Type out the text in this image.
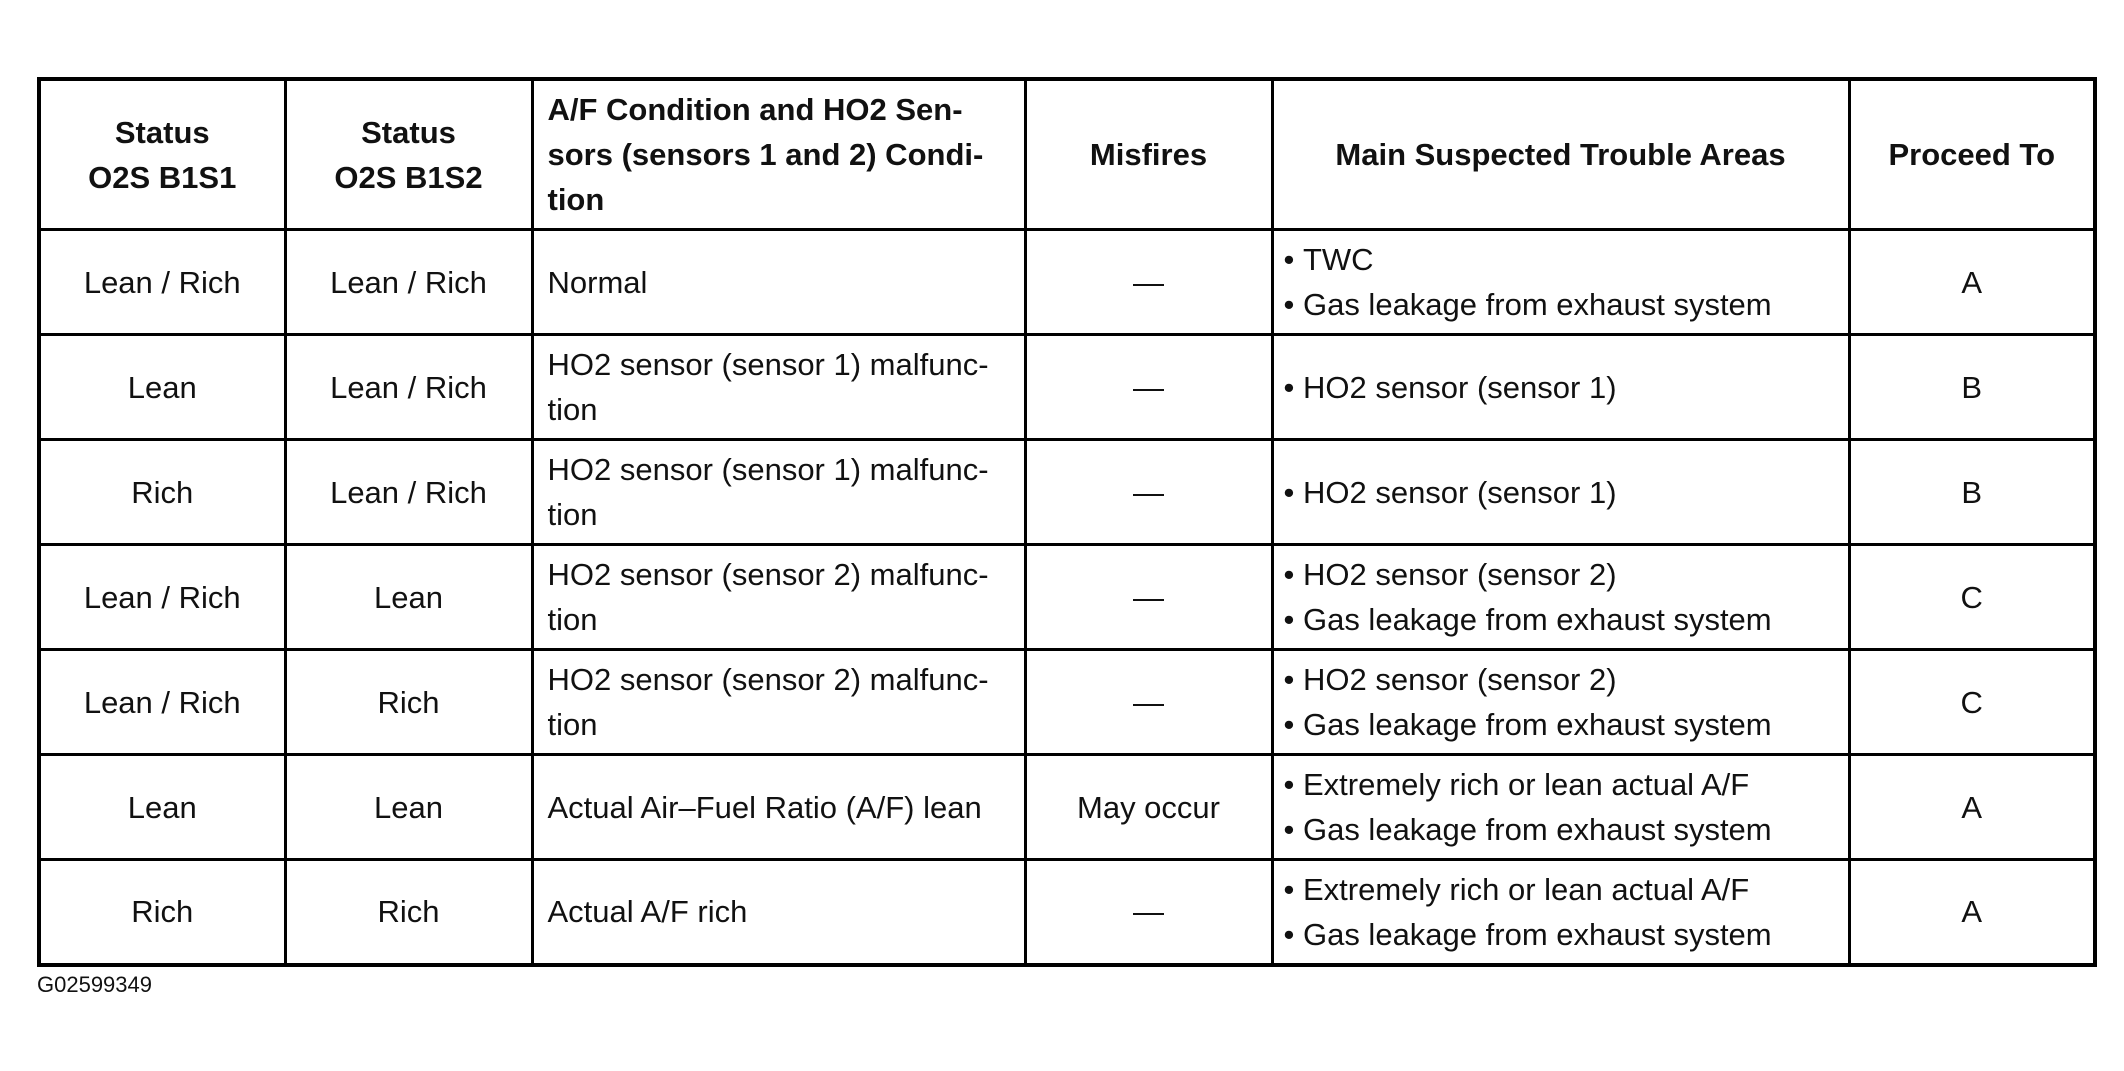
Status
O2S B1S1	Status
O2S B1S2	A/F Condition and HO2 Sen-
sors (sensors 1 and 2) Condi-
tion	Misfires	Main Suspected Trouble Areas	Proceed To
Lean / Rich	Lean / Rich	Normal	—	• TWC
• Gas leakage from exhaust system	A
Lean	Lean / Rich	HO2 sensor (sensor 1) malfunc-
tion	—	• HO2 sensor (sensor 1)	B
Rich	Lean / Rich	HO2 sensor (sensor 1) malfunc-
tion	—	• HO2 sensor (sensor 1)	B
Lean / Rich	Lean	HO2 sensor (sensor 2) malfunc-
tion	—	• HO2 sensor (sensor 2)
• Gas leakage from exhaust system	C
Lean / Rich	Rich	HO2 sensor (sensor 2) malfunc-
tion	—	• HO2 sensor (sensor 2)
• Gas leakage from exhaust system	C
Lean	Lean	Actual Air–Fuel Ratio (A/F) lean	May occur	• Extremely rich or lean actual A/F
• Gas leakage from exhaust system	A
Rich	Rich	Actual A/F rich	—	• Extremely rich or lean actual A/F
• Gas leakage from exhaust system	A
G02599349
